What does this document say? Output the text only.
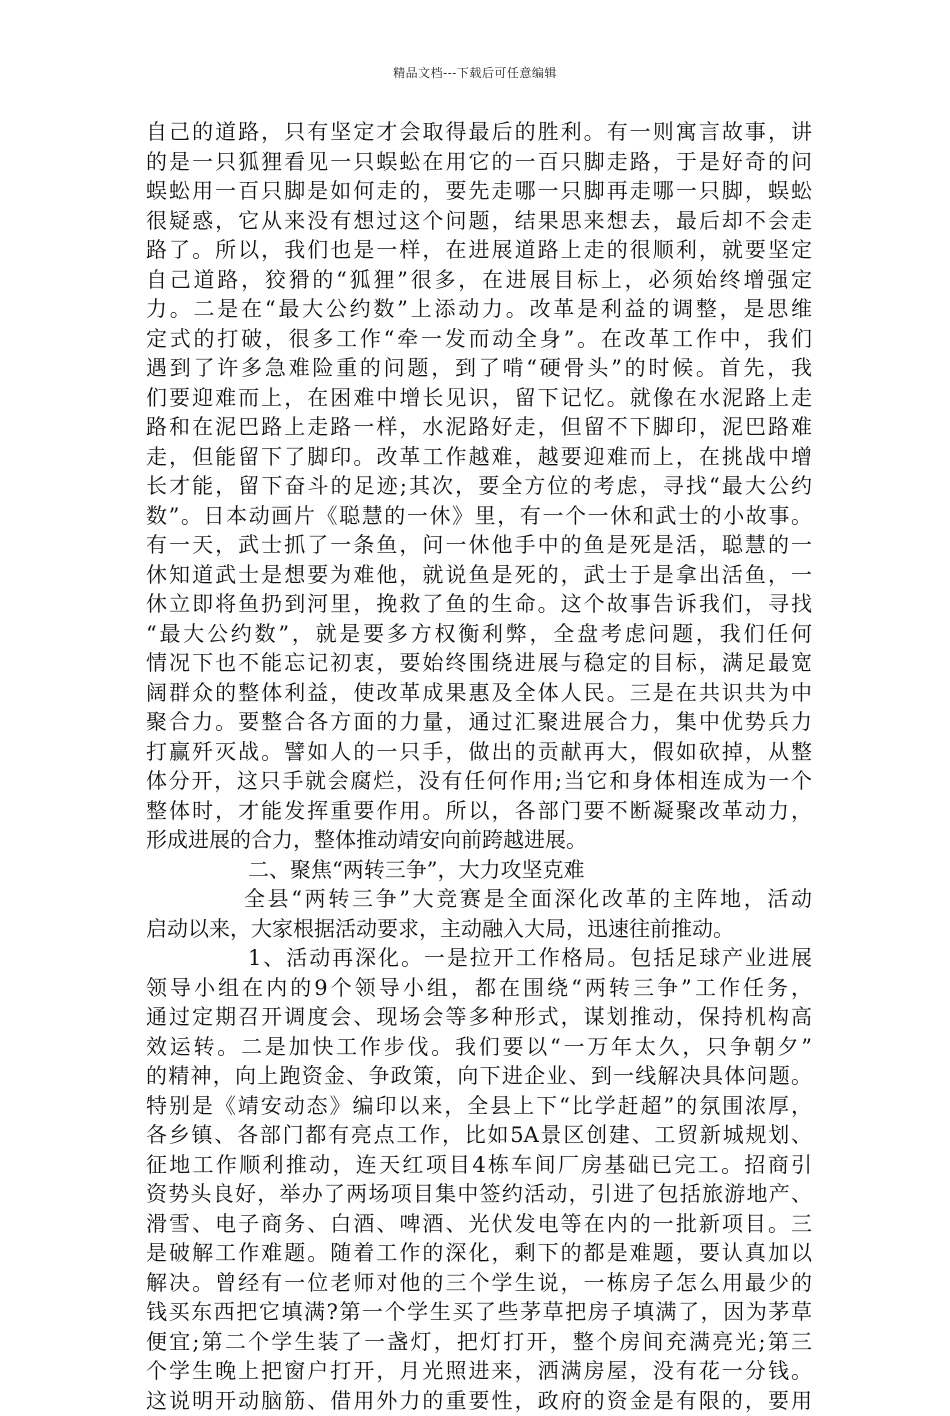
精品文档---下载后可任意编辑
自己的道路，只有坚定才会取得最后的胜利。有一则寓言故事，讲
的是一只狐狸看见一只蜈蚣在用它的一百只脚走路，于是好奇的问
蜈蚣用一百只脚是如何走的，要先走哪一只脚再走哪一只脚，蜈蚣
很疑惑，它从来没有想过这个问题，结果思来想去，最后却不会走
路了。所以，我们也是一样，在进展道路上走的很顺利，就要坚定
自己道路，狡猾的“狐狸”很多，在进展目标上，必须始终增强定
力。二是在“最大公约数”上添动力。改革是利益的调整，是思维
定式的打破，很多工作“牵一发而动全身”。在改革工作中，我们
遇到了许多急难险重的问题，到了啃“硬骨头”的时候。首先，我
们要迎难而上，在困难中增长见识，留下记忆。就像在水泥路上走
路和在泥巴路上走路一样，水泥路好走，但留不下脚印，泥巴路难
走，但能留下了脚印。改革工作越难，越要迎难而上，在挑战中增
长才能，留下奋斗的足迹;其次，要全方位的考虑，寻找“最大公约
数”。日本动画片《聪慧的一休》里，有一个一休和武士的小故事。
有一天，武士抓了一条鱼，问一休他手中的鱼是死是活，聪慧的一
休知道武士是想要为难他，就说鱼是死的，武士于是拿出活鱼，一
休立即将鱼扔到河里，挽救了鱼的生命。这个故事告诉我们，寻找
“最大公约数”，就是要多方权衡利弊，全盘考虑问题，我们任何
情况下也不能忘记初衷，要始终围绕进展与稳定的目标，满足最宽
阔群众的整体利益，使改革成果惠及全体人民。三是在共识共为中
聚合力。要整合各方面的力量，通过汇聚进展合力，集中优势兵力
打赢歼灭战。譬如人的一只手，做出的贡献再大，假如砍掉，从整
体分开，这只手就会腐烂，没有任何作用;当它和身体相连成为一个
整体时，才能发挥重要作用。所以，各部门要不断凝聚改革动力，
形成进展的合力，整体推动靖安向前跨越进展。
二、聚焦“两转三争”，大力攻坚克难
全县“两转三争”大竞赛是全面深化改革的主阵地，活动
启动以来，大家根据活动要求，主动融入大局，迅速往前推动。
1、活动再深化。一是拉开工作格局。包括足球产业进展
领导小组在内的9个领导小组，都在围绕“两转三争”工作任务，
通过定期召开调度会、现场会等多种形式，谋划推动，保持机构高
效运转。二是加快工作步伐。我们要以“一万年太久，只争朝夕”
的精神，向上跑资金、争政策，向下进企业、到一线解决具体问题。
特别是《靖安动态》编印以来，全县上下“比学赶超”的氛围浓厚，
各乡镇、各部门都有亮点工作，比如5A景区创建、工贸新城规划、
征地工作顺利推动，连天红项目4栋车间厂房基础已完工。招商引
资势头良好，举办了两场项目集中签约活动，引进了包括旅游地产、
滑雪、电子商务、白酒、啤酒、光伏发电等在内的一批新项目。三
是破解工作难题。随着工作的深化，剩下的都是难题，要认真加以
解决。曾经有一位老师对他的三个学生说，一栋房子怎么用最少的
钱买东西把它填满?第一个学生买了些茅草把房子填满了，因为茅草
便宜;第二个学生装了一盏灯，把灯打开，整个房间充满亮光;第三
个学生晚上把窗户打开，月光照进来，洒满房屋，没有花一分钱。
这说明开动脑筋、借用外力的重要性，政府的资金是有限的，要用
